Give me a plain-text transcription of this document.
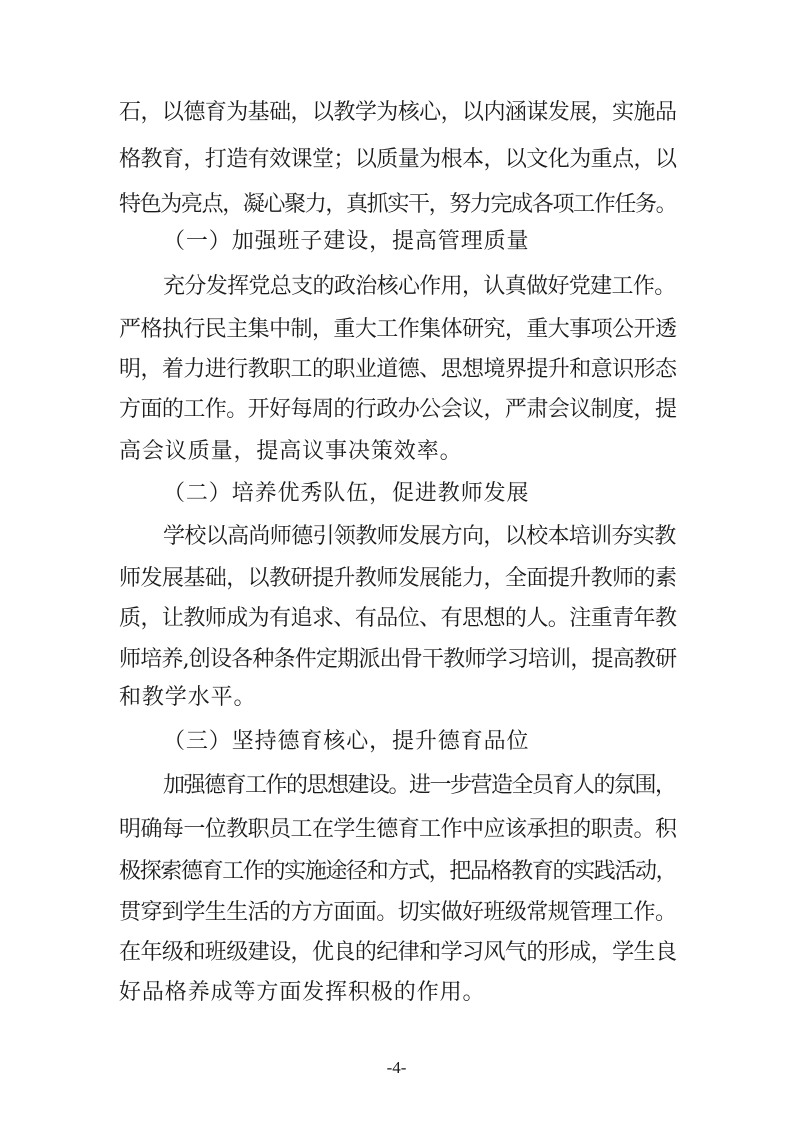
石，以德育为基础，以教学为核心，以内涵谋发展，实施品
格教育，打造有效课堂；以质量为根本，以文化为重点，以
特色为亮点，凝心聚力，真抓实干，努力完成各项工作任务。
（一）加强班子建设，提高管理质量
充分发挥党总支的政治核心作用，认真做好党建工作。
严格执行民主集中制，重大工作集体研究，重大事项公开透
明，着力进行教职工的职业道德、思想境界提升和意识形态
方面的工作。开好每周的行政办公会议，严肃会议制度，提
高会议质量，提高议事决策效率。
（二）培养优秀队伍，促进教师发展
学校以高尚师德引领教师发展方向，以校本培训夯实教
师发展基础，以教研提升教师发展能力，全面提升教师的素
质，让教师成为有追求、有品位、有思想的人。注重青年教
师培养,创设各种条件定期派出骨干教师学习培训，提高教研
和教学水平。
（三）坚持德育核心，提升德育品位
加强德育工作的思想建设。进一步营造全员育人的氛围，
明确每一位教职员工在学生德育工作中应该承担的职责。积
极探索德育工作的实施途径和方式，把品格教育的实践活动，
贯穿到学生生活的方方面面。切实做好班级常规管理工作。
在年级和班级建设，优良的纪律和学习风气的形成，学生良
好品格养成等方面发挥积极的作用。
-4-
